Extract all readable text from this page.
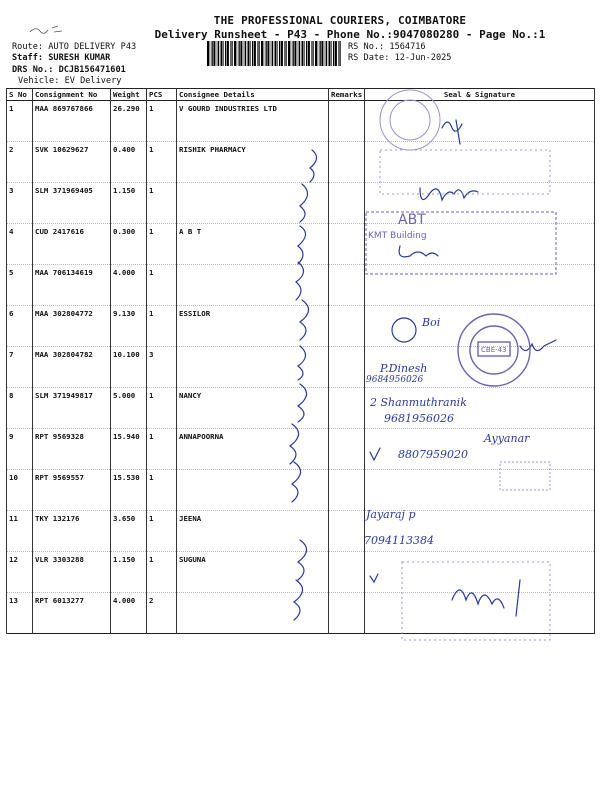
THE PROFESSIONAL COURIERS, COIMBATORE
Delivery Runsheet - P43 - Phone No.:9047080280 - Page No.:1
Route: AUTO DELIVERY P43
Staff: SURESH KUMAR
DRS No.: DCJB156471601
Vehicle: EV Delivery
RS No.: 1564716
RS Date: 12-Jun-2025
S No	Consignment No	Weight	PCS	Consignee Details	Remarks	Seal & Signature
1	MAA 869767866	26.290	1	V GOURD INDUSTRIES LTD		
2	SVK 10629627	0.400	1	RISHIK PHARMACY		
3	SLM 371969405	1.150	1			
4	CUD 2417616	0.300	1	A B T		
5	MAA 706134619	4.000	1			
6	MAA 302804772	9.130	1	ESSILOR		
7	MAA 302804782	10.100	3			
8	SLM 371949817	5.000	1	NANCY		
9	RPT 9569328	15.940	1	ANNAPOORNA		
10	RPT 9569557	15.530	1			
11	TKY 132176	3.650	1	JEENA		
12	VLR 3303288	1.150	1	SUGUNA		
13	RPT 6013277	4.000	2			
Boi
P.Dinesh
9684956026
2 Shanmuthranik
9681956026
Ayyanar
8807959020
Jayaraj p
7094113384
CBE-43
ABT
KMT Building
